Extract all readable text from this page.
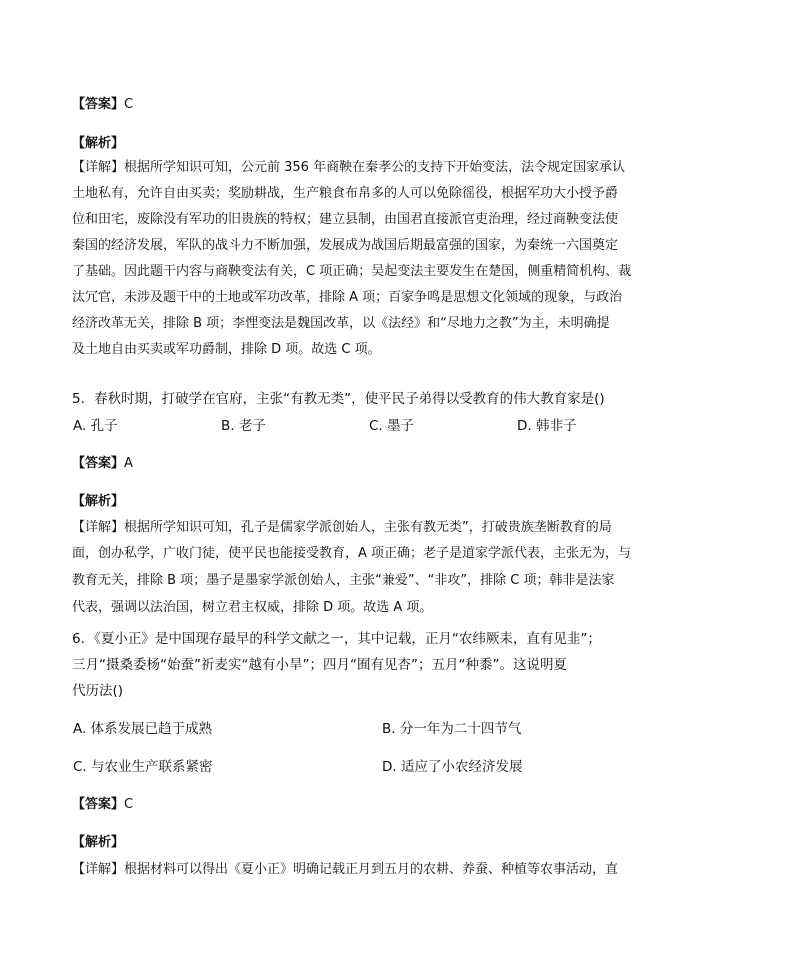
【答案】C
【解析】
【详解】根据所学知识可知，公元前 356 年商鞅在秦孝公的支持下开始变法，法令规定国家承认
土地私有，允许自由买卖；奖励耕战，生产粮食布帛多的人可以免除徭役，根据军功大小授予爵
位和田宅，废除没有军功的旧贵族的特权；建立县制，由国君直接派官吏治理，经过商鞅变法使
秦国的经济发展，军队的战斗力不断加强，发展成为战国后期最富强的国家，为秦统一六国奠定
了基础。因此题干内容与商鞅变法有关，C 项正确；吴起变法主要发生在楚国，侧重精简机构、裁
汰冗官，未涉及题干中的土地或军功改革，排除 A 项；百家争鸣是思想文化领域的现象，与政治
经济改革无关，排除 B 项；李悝变法是魏国改革，以《法经》和“尽地力之教”为主，未明确提
及土地自由买卖或军功爵制，排除 D 项。故选 C 项。
5．春秋时期，打破学在官府，主张“有教无类”，使平民子弟得以受教育的伟大教育家是()
A. 孔子	B. 老子	C. 墨子	D. 韩非子
【答案】A
【解析】
【详解】根据所学知识可知，孔子是儒家学派创始人，主张有教无类”，打破贵族垄断教育的局
面，创办私学，广收门徒，使平民也能接受教育，A 项正确；老子是道家学派代表，主张无为，与
教育无关，排除 B 项；墨子是墨家学派创始人，主张“兼爱”、“非攻”，排除 C 项；韩非是法家
代表，强调以法治国，树立君主权威，排除 D 项。故选 A 项。
6．《夏小正》是中国现存最早的科学文献之一，其中记载，正月“农纬厥耒，直有见韭”；
三月“摄桑委杨“始蚕”祈麦实“越有小旱”；四月“囿有见杏”；五月“种黍”。这说明夏
代历法()
A. 体系发展已趋于成熟	B. 分一年为二十四节气
C. 与农业生产联系紧密	D. 适应了小农经济发展
【答案】C
【解析】
【详解】根据材料可以得出《夏小正》明确记载正月到五月的农耕、养蚕、种植等农事活动，直
